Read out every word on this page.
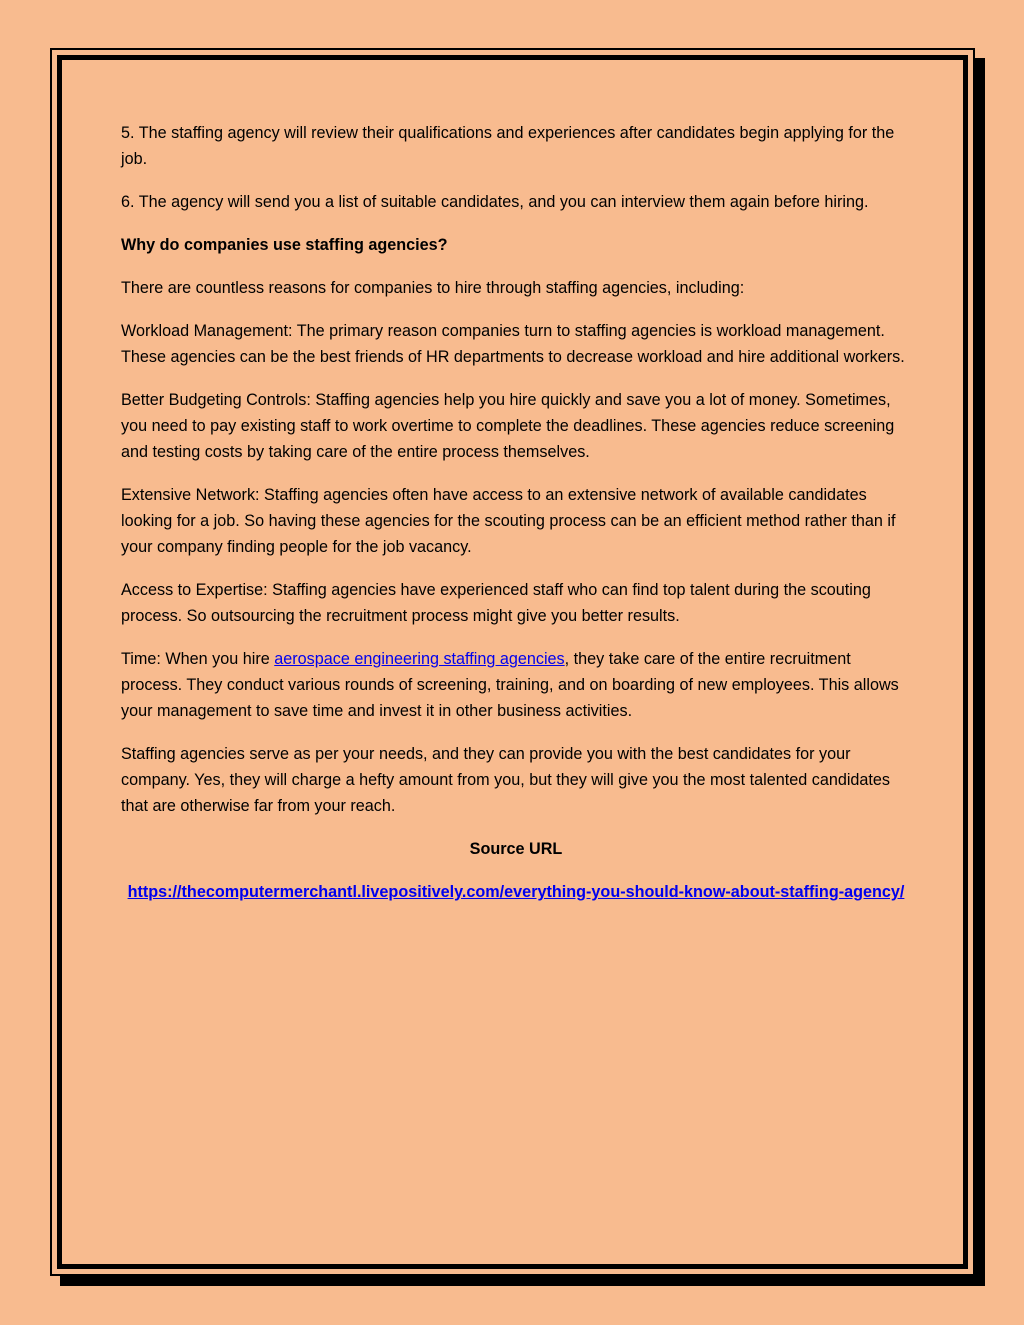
5. The staffing agency will review their qualifications and experiences after candidates begin applying for the job.

6. The agency will send you a list of suitable candidates, and you can interview them again before hiring.

Why do companies use staffing agencies?

There are countless reasons for companies to hire through staffing agencies, including:

Workload Management: The primary reason companies turn to staffing agencies is workload management. These agencies can be the best friends of HR departments to decrease workload and hire additional workers.

Better Budgeting Controls: Staffing agencies help you hire quickly and save you a lot of money. Sometimes, you need to pay existing staff to work overtime to complete the deadlines. These agencies reduce screening and testing costs by taking care of the entire process themselves.

Extensive Network: Staffing agencies often have access to an extensive network of available candidates looking for a job. So having these agencies for the scouting process can be an efficient method rather than if your company finding people for the job vacancy.

Access to Expertise: Staffing agencies have experienced staff who can find top talent during the scouting process. So outsourcing the recruitment process might give you better results.

Time: When you hire aerospace engineering staffing agencies, they take care of the entire recruitment process. They conduct various rounds of screening, training, and on boarding of new employees. This allows your management to save time and invest it in other business activities.

Staffing agencies serve as per your needs, and they can provide you with the best candidates for your company. Yes, they will charge a hefty amount from you, but they will give you the most talented candidates that are otherwise far from your reach.

Source URL

https://thecomputermerchantl.livepositively.com/everything-you-should-know-about-staffing-agency/
